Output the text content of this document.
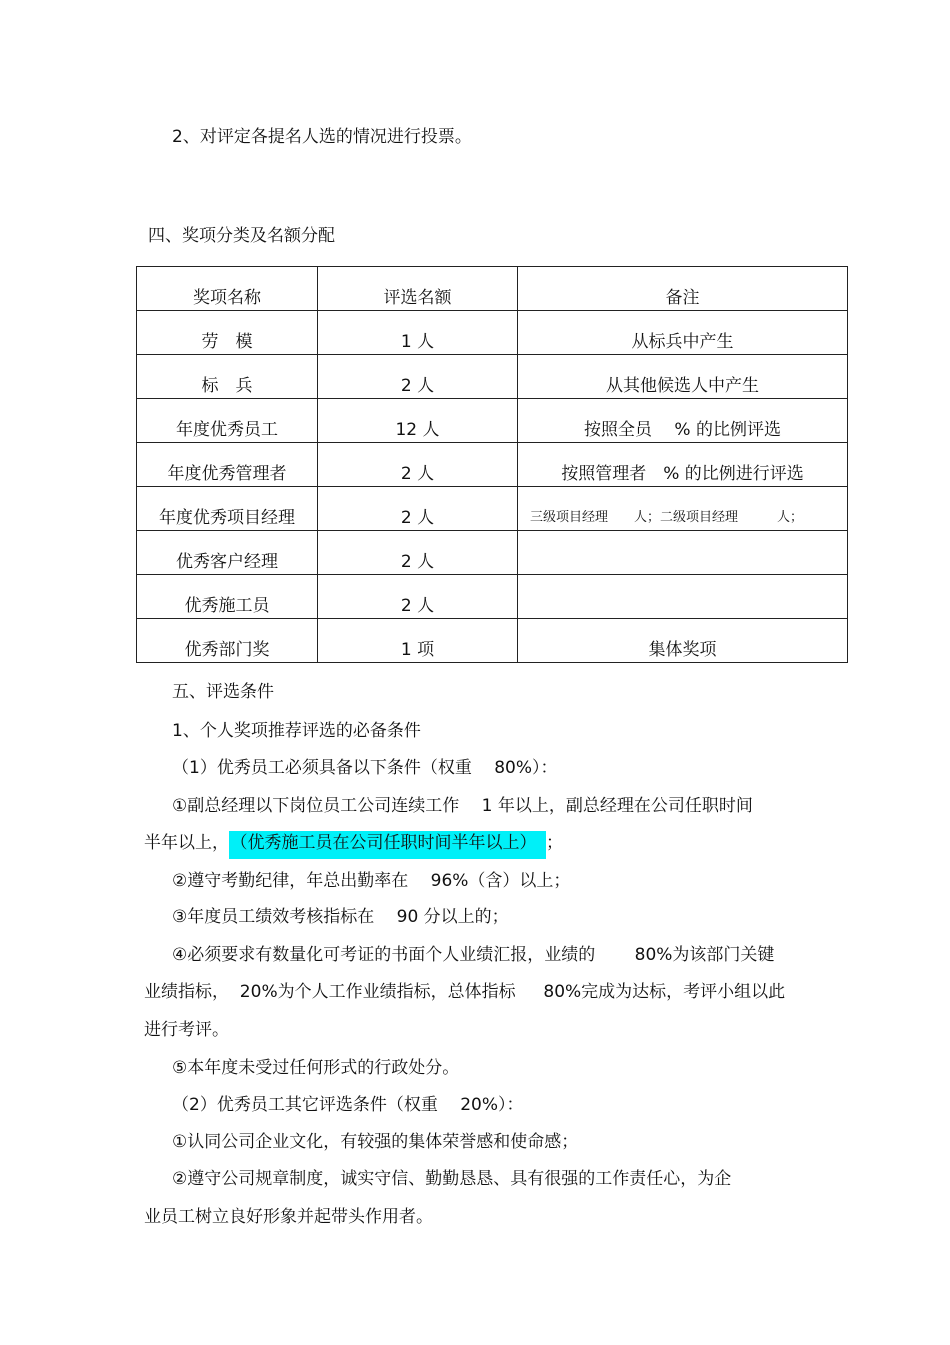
2、对评定各提名人选的情况进行投票。
四、奖项分类及名额分配
奖项名称	评选名额	备注
劳　模	1 人	从标兵中产生
标　兵	2 人	从其他候选人中产生
年度优秀员工	12 人	按照全员　 % 的比例评选
年度优秀管理者	2 人	按照管理者　% 的比例进行评选
年度优秀项目经理	2 人	三级项目经理　　人；二级项目经理　　　人；
优秀客户经理	2 人	
优秀施工员	2 人	
优秀部门奖	1 项	集体奖项
五、评选条件
1、个人奖项推荐评选的必备条件
（1）优秀员工必须具备以下条件（权重　 80%）：
①副总经理以下岗位员工公司连续工作　 1 年以上，副总经理在公司任职时间
半年以上， （优秀施工员在公司任职时间半年以上） ；
②遵守考勤纪律，年总出勤率在　 96%（含）以上；
③年度员工绩效考核指标在　 90 分以上的；
④必须要求有数量化可考证的书面个人业绩汇报，业绩的　　 80%为该部门关键
业绩指标，  20%为个人工作业绩指标，总体指标　  80%完成为达标，考评小组以此
进行考评。
⑤本年度未受过任何形式的行政处分。
（2）优秀员工其它评选条件（权重　 20%）：
①认同公司企业文化，有较强的集体荣誉感和使命感；
②遵守公司规章制度，诚实守信、勤勤恳恳、具有很强的工作责任心，为企
业员工树立良好形象并起带头作用者。
